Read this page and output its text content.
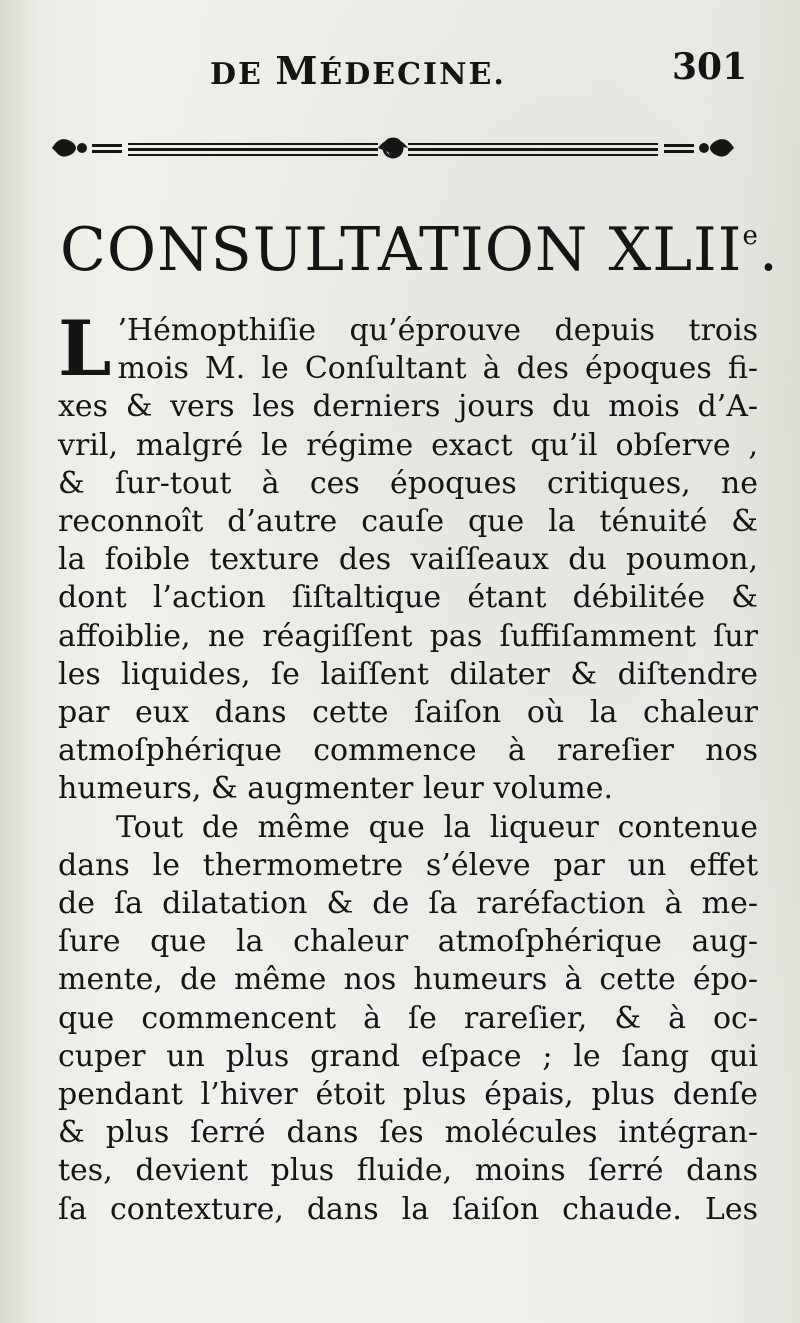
DE MÉDECINE.	301
CONSULTATION XLIIe.
L ’Hémopthiſie qu’éprouve depuis trois
mois M. le Conſultant à des époques fi-
xes & vers les derniers jours du mois d’A-
vril, malgré le régime exact qu’il obſerve ,
& ſur-tout à ces époques critiques, ne
reconnoît d’autre cauſe que la ténuité &
la foible texture des vaiſſeaux du poumon,
dont l’action ſiſtaltique étant débilitée &
affoiblie, ne réagiſſent pas ſuffiſamment ſur
les liquides, ſe laiſſent dilater & diſtendre
par eux dans cette ſaiſon où la chaleur
atmoſphérique commence à rareſier nos
humeurs, & augmenter leur volume.
Tout de même que la liqueur contenue
dans le thermometre s’éleve par un effet
de ſa dilatation & de ſa raréfaction à me-
ſure que la chaleur atmoſphérique aug-
mente, de même nos humeurs à cette épo-
que commencent à ſe rareſier, & à oc-
cuper un plus grand eſpace ; le ſang qui
pendant l’hiver étoit plus épais, plus denſe
& plus ſerré dans ſes molécules intégran-
tes, devient plus fluide, moins ſerré dans
ſa contexture, dans la ſaiſon chaude. Les
